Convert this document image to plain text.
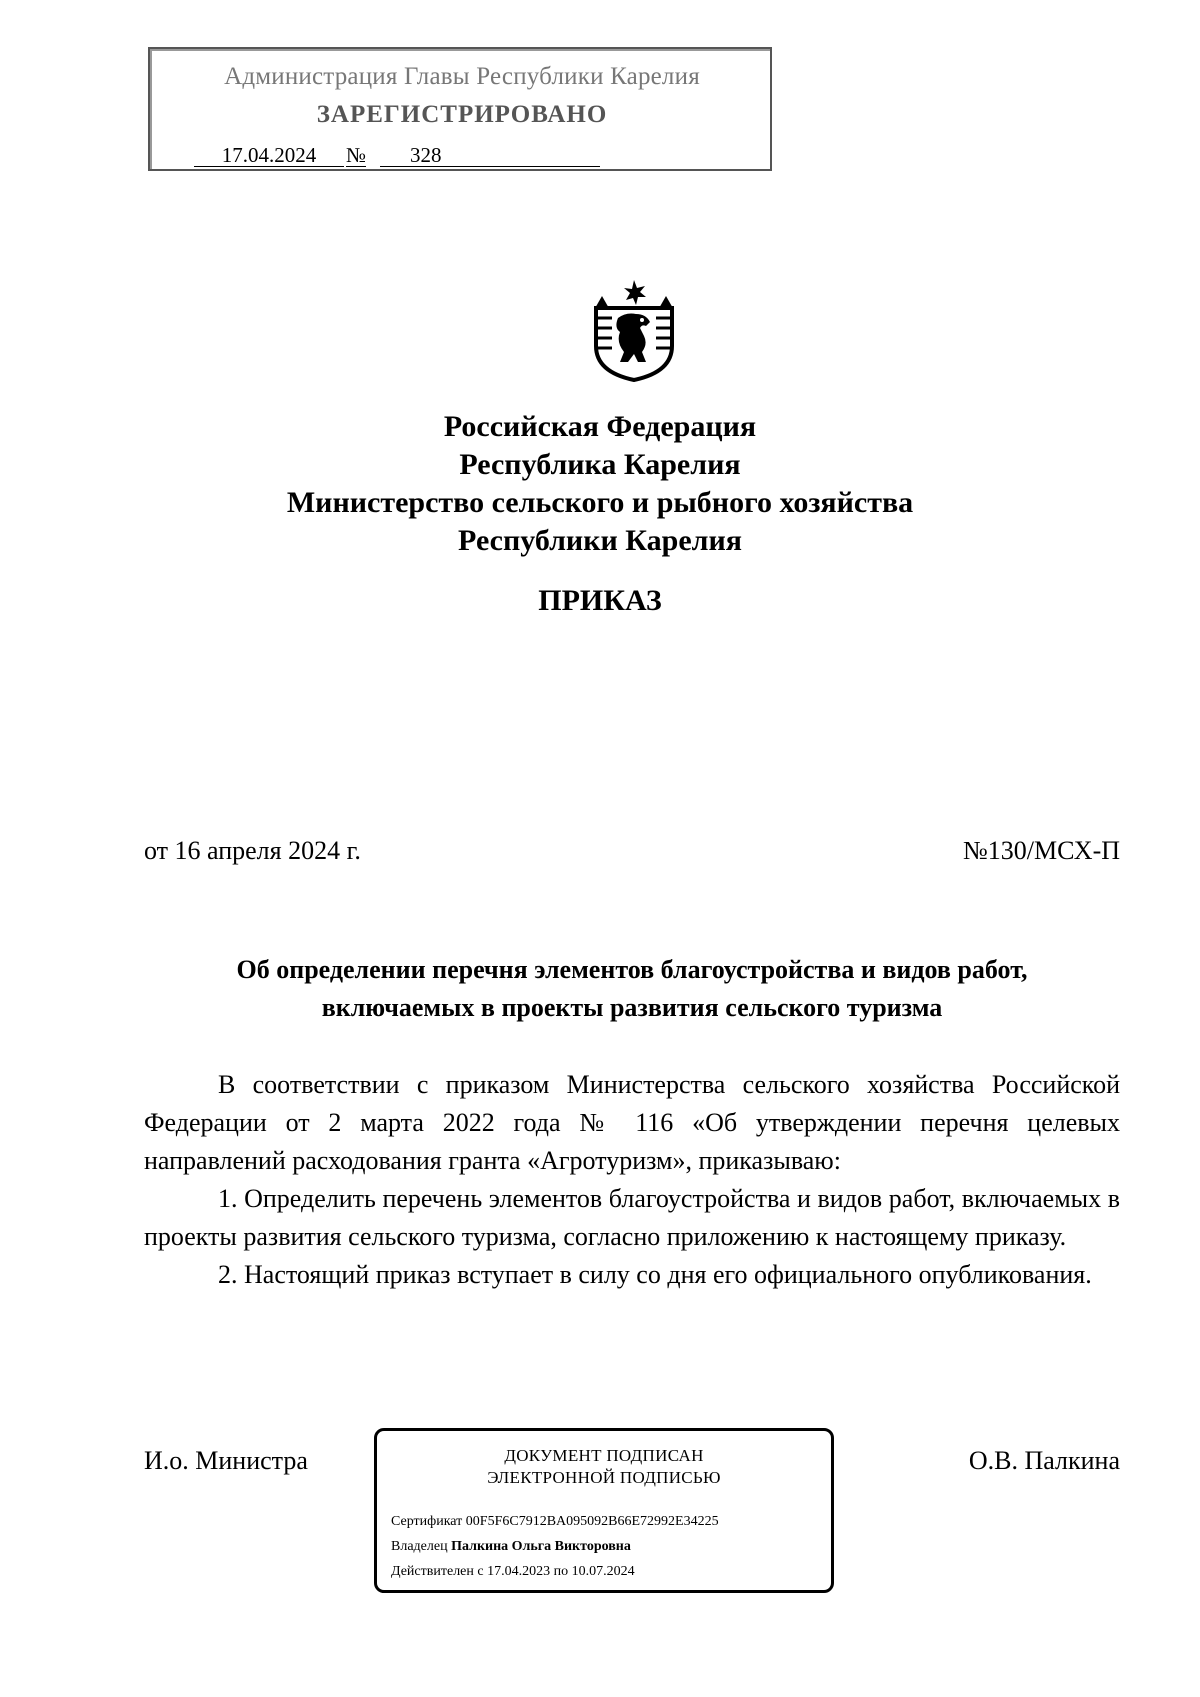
Администрация Главы Республики Карелия
ЗАРЕГИСТРИРОВАНО
17.04.2024	№	328
Российская Федерация
Республика Карелия
Министерство сельского и рыбного хозяйства
Республики Карелия
ПРИКАЗ
от 16 апреля 2024 г.	№130/МСХ-П
Об определении перечня элементов благоустройства и видов работ,
включаемых в проекты развития сельского туризма

В соответствии с приказом Министерства сельского хозяйства Российской Федерации от 2 марта 2022 года № 116 «Об утверждении перечня целевых направлений расходования гранта «Агротуризм», приказываю:

1. Определить перечень элементов благоустройства и видов работ, включаемых в проекты развития сельского туризма, согласно приложению к настоящему приказу.

2. Настоящий приказ вступает в силу со дня его официального опубликования.

И.о. Министра	О.В. Палкина
ДОКУМЕНТ ПОДПИСАН
ЭЛЕКТРОННОЙ ПОДПИСЬЮ
Сертификат 00F5F6C7912BA095092B66E72992E34225
Владелец Палкина Ольга Викторовна
Действителен с 17.04.2023 по 10.07.2024
